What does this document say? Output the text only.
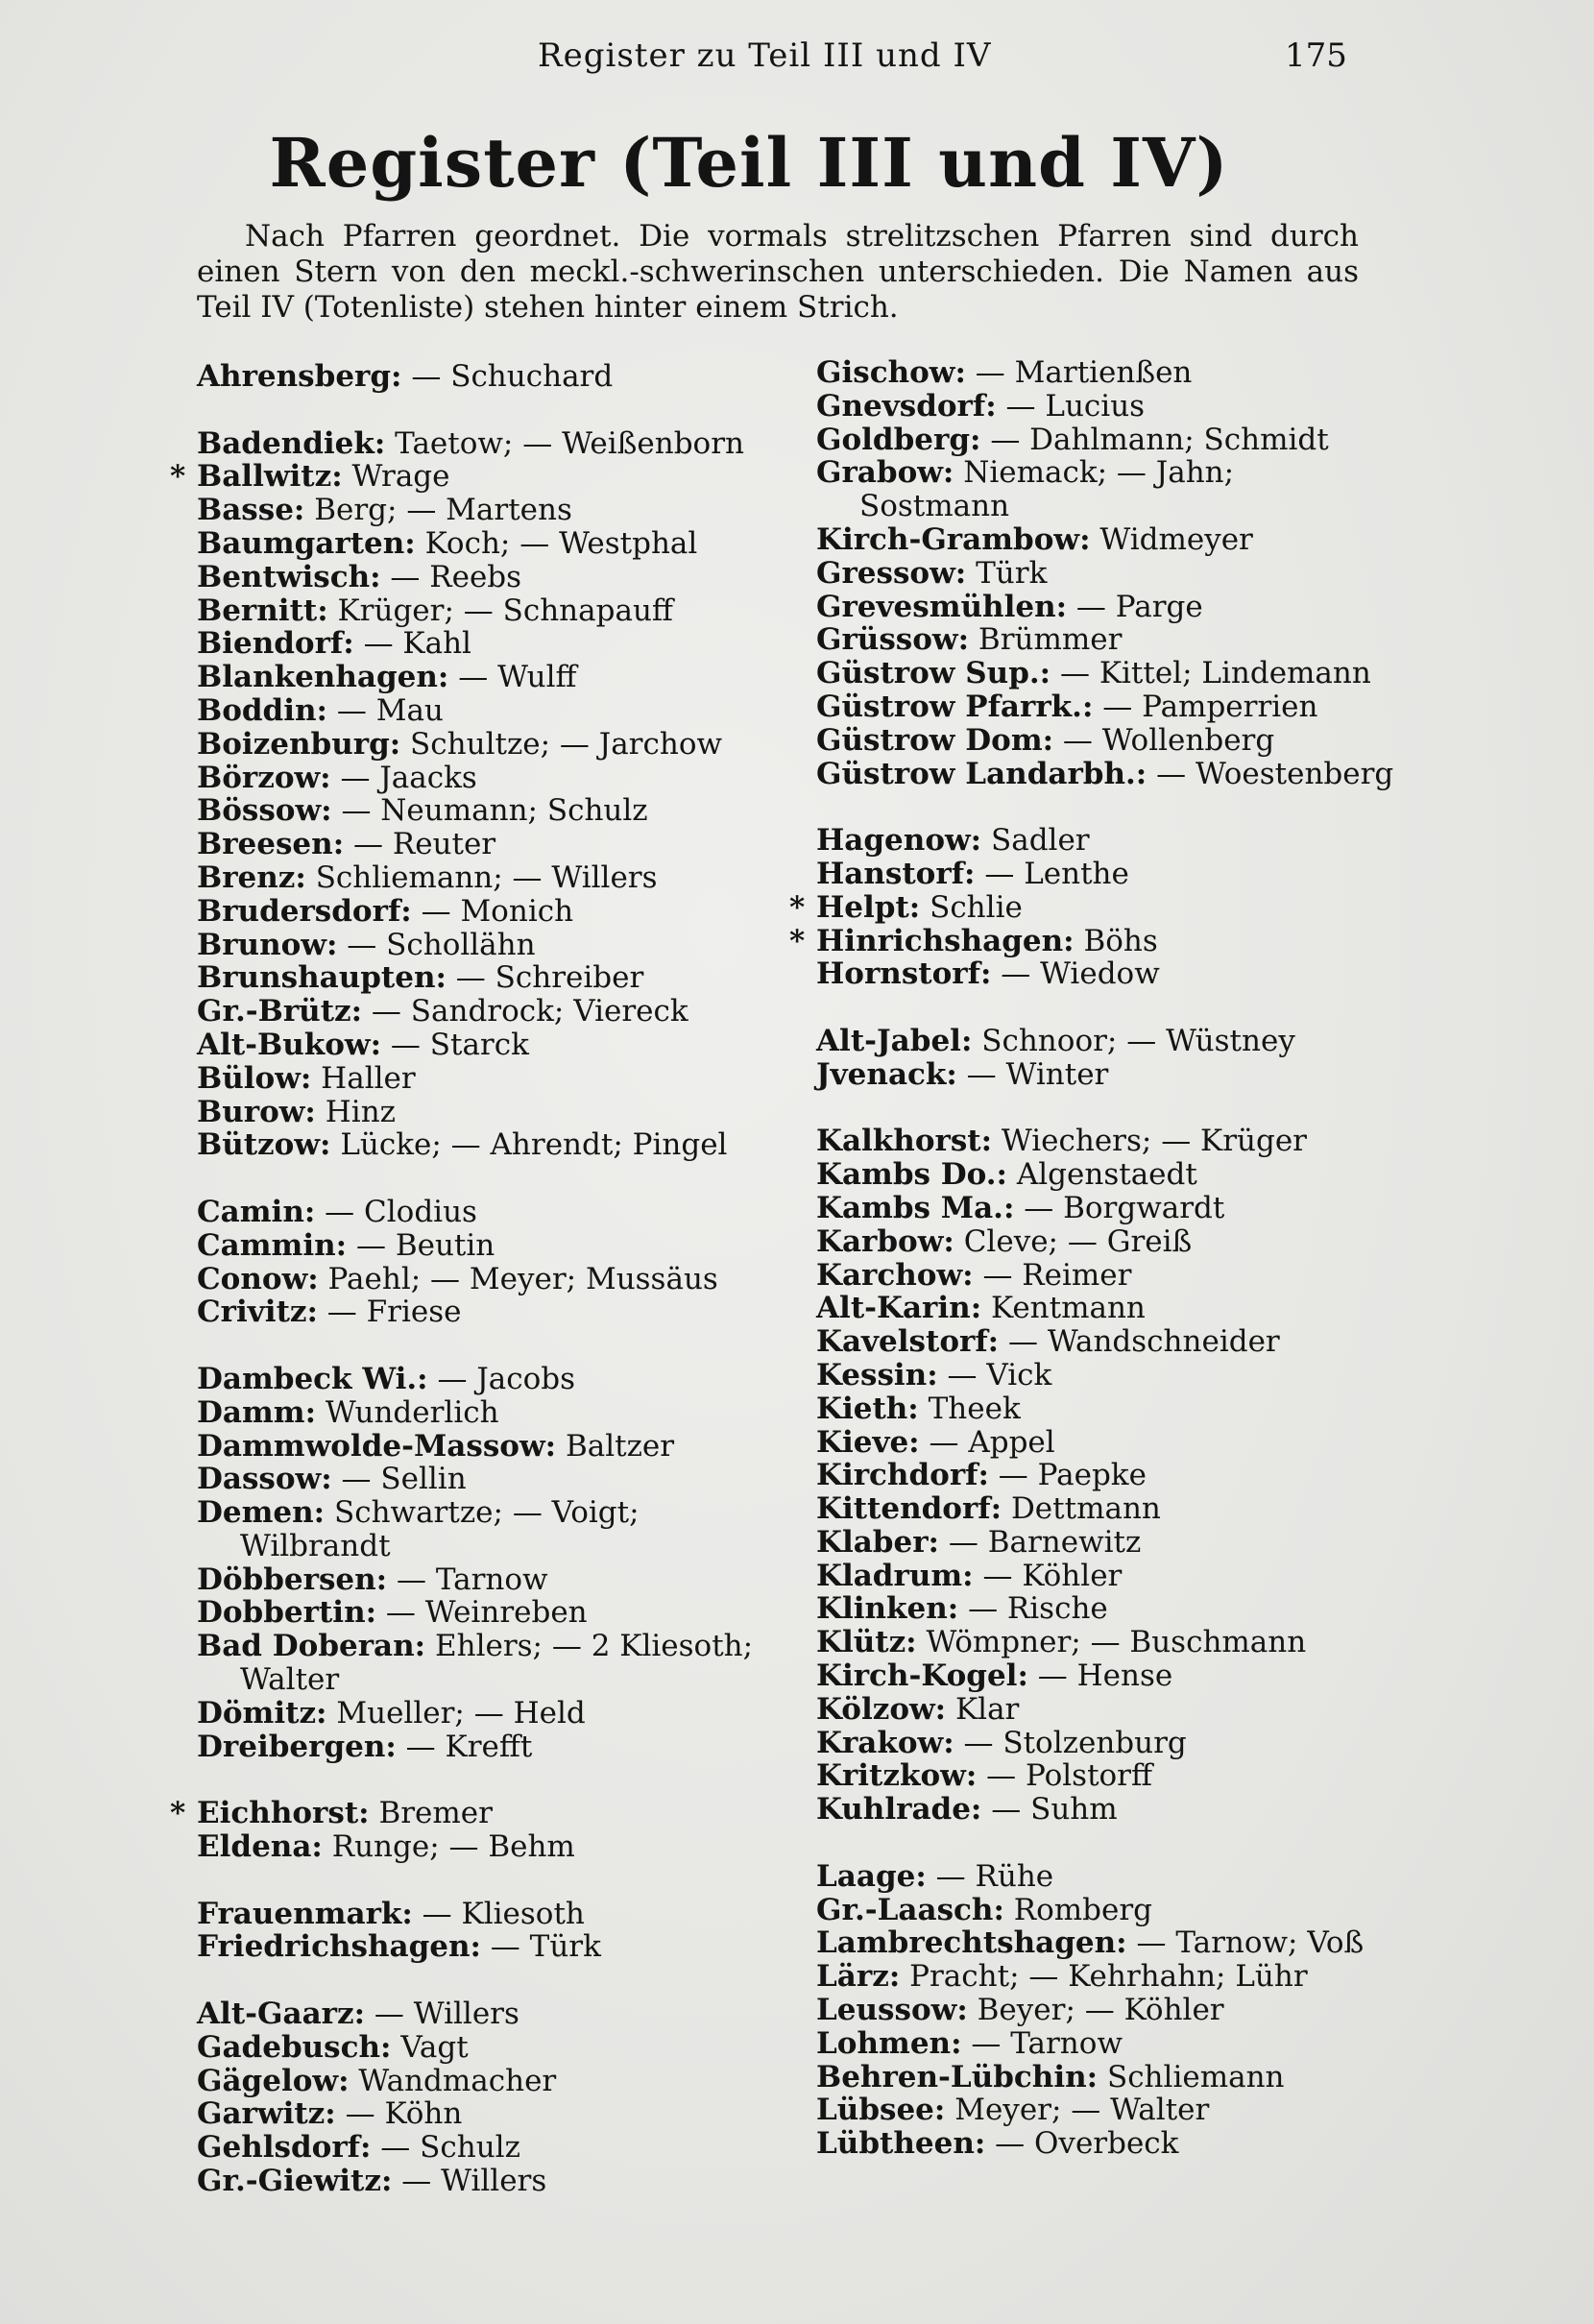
Register zu Teil III und IV	175
Register (Teil III und IV)
Nach Pfarren geordnet. Die vormals strelitzschen Pfarren sind durch einen Stern von den meckl.-schwerinschen unterschieden. Die Namen aus Teil IV (Totenliste) stehen hinter einem Strich.
Ahrensberg: — Schuchard
Badendiek: Taetow; — Weißenborn
* Ballwitz: Wrage
Basse: Berg; — Martens
Baumgarten: Koch; — Westphal
Bentwisch: — Reebs
Bernitt: Krüger; — Schnapauff
Biendorf: — Kahl
Blankenhagen: — Wulff
Boddin: — Mau
Boizenburg: Schultze; — Jarchow
Börzow: — Jaacks
Bössow: — Neumann; Schulz
Breesen: — Reuter
Brenz: Schliemann; — Willers
Brudersdorf: — Monich
Brunow: — Schollähn
Brunshaupten: — Schreiber
Gr.-Brütz: — Sandrock; Viereck
Alt-Bukow: — Starck
Bülow: Haller
Burow: Hinz
Bützow: Lücke; — Ahrendt; Pingel
Camin: — Clodius
Cammin: — Beutin
Conow: Paehl; — Meyer; Mussäus
Crivitz: — Friese
Dambeck Wi.: — Jacobs
Damm: Wunderlich
Dammwolde-Massow: Baltzer
Dassow: — Sellin
Demen: Schwartze; — Voigt; Wilbrandt
Döbbersen: — Tarnow
Dobbertin: — Weinreben
Bad Doberan: Ehlers; — 2 Kliesoth; Walter
Dömitz: Mueller; — Held
Dreibergen: — Krefft
* Eichhorst: Bremer
Eldena: Runge; — Behm
Frauenmark: — Kliesoth
Friedrichshagen: — Türk
Alt-Gaarz: — Willers
Gadebusch: Vagt
Gägelow: Wandmacher
Garwitz: — Köhn
Gehlsdorf: — Schulz
Gr.-Giewitz: — Willers
Gischow: — Martienßen
Gnevsdorf: — Lucius
Goldberg: — Dahlmann; Schmidt
Grabow: Niemack; — Jahn; Sostmann
Kirch-Grambow: Widmeyer
Gressow: Türk
Grevesmühlen: — Parge
Grüssow: Brümmer
Güstrow Sup.: — Kittel; Lindemann
Güstrow Pfarrk.: — Pamperrien
Güstrow Dom: — Wollenberg
Güstrow Landarbh.: — Woestenberg
Hagenow: Sadler
Hanstorf: — Lenthe
* Helpt: Schlie
* Hinrichshagen: Böhs
Hornstorf: — Wiedow
Alt-Jabel: Schnoor; — Wüstney
Jvenack: — Winter
Kalkhorst: Wiechers; — Krüger
Kambs Do.: Algenstaedt
Kambs Ma.: — Borgwardt
Karbow: Cleve; — Greiß
Karchow: — Reimer
Alt-Karin: Kentmann
Kavelstorf: — Wandschneider
Kessin: — Vick
Kieth: Theek
Kieve: — Appel
Kirchdorf: — Paepke
Kittendorf: Dettmann
Klaber: — Barnewitz
Kladrum: — Köhler
Klinken: — Rische
Klütz: Wömpner; — Buschmann
Kirch-Kogel: — Hense
Kölzow: Klar
Krakow: — Stolzenburg
Kritzkow: — Polstorff
Kuhlrade: — Suhm
Laage: — Rühe
Gr.-Laasch: Romberg
Lambrechtshagen: — Tarnow; Voß
Lärz: Pracht; — Kehrhahn; Lühr
Leussow: Beyer; — Köhler
Lohmen: — Tarnow
Behren-Lübchin: Schliemann
Lübsee: Meyer; — Walter
Lübtheen: — Overbeck
